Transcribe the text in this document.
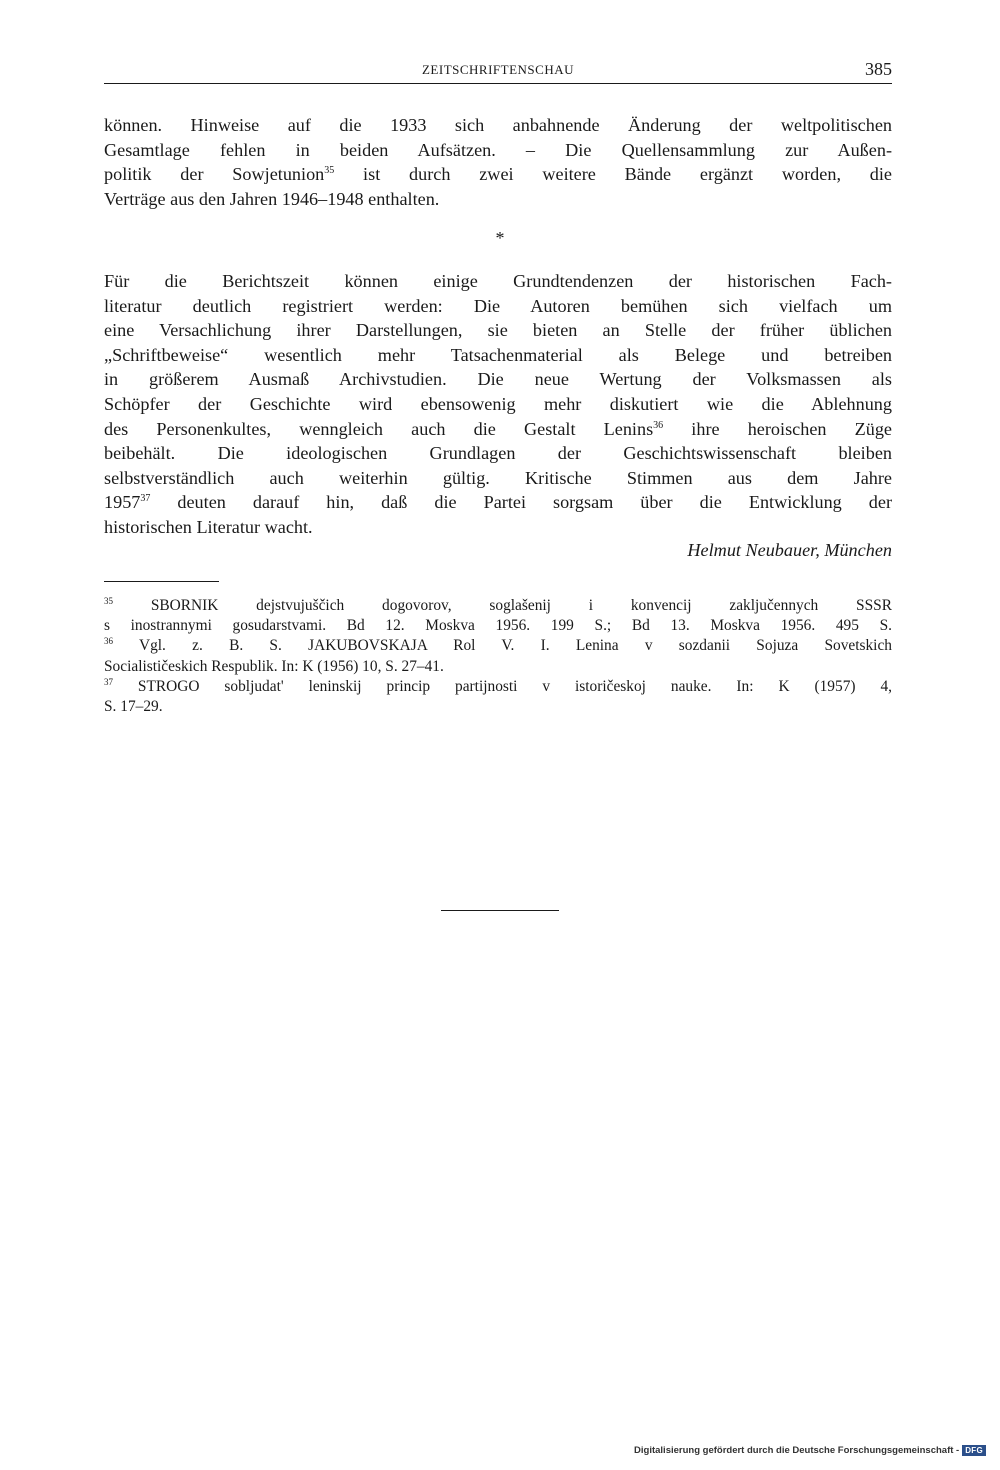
ZEITSCHRIFTENSCHAU	385
können. Hinweise auf die 1933 sich anbahnende Änderung der weltpolitischen
Gesamtlage fehlen in beiden Aufsätzen. – Die Quellensammlung zur Außen-
politik der Sowjetunion$^{35}$ ist durch zwei weitere Bände ergänzt worden, die
Verträge aus den Jahren 1946–1948 enthalten.
*
Für die Berichtszeit können einige Grundtendenzen der historischen Fach-
literatur deutlich registriert werden: Die Autoren bemühen sich vielfach um
eine Versachlichung ihrer Darstellungen, sie bieten an Stelle der früher üblichen
„Schriftbeweise“ wesentlich mehr Tatsachenmaterial als Belege und betreiben
in größerem Ausmaß Archivstudien. Die neue Wertung der Volksmassen als
Schöpfer der Geschichte wird ebensowenig mehr diskutiert wie die Ablehnung
des Personenkultes, wenngleich auch die Gestalt Lenins$^{36}$ ihre heroischen Züge
beibehält. Die ideologischen Grundlagen der Geschichtswissenschaft bleiben
selbstverständlich auch weiterhin gültig. Kritische Stimmen aus dem Jahre
1957$^{37}$ deuten darauf hin, daß die Partei sorgsam über die Entwicklung der
historischen Literatur wacht.
Helmut Neubauer, München
$^{35}$ SBORNIK dejstvujuščich dogovorov, soglašenij i konvencij zaključennych SSSR
s inostrannymi gosudarstvami. Bd 12. Moskva 1956. 199 S.; Bd 13. Moskva 1956. 495 S.
$^{36}$ Vgl. z. B. S. JAKUBOVSKAJA Rol V. I. Lenina v sozdanii Sojuza Sovetskich
Socialističeskich Respublik. In: K (1956) 10, S. 27–41.
$^{37}$ STROGO sobljudat' leninskij princip partijnosti v istoričeskoj nauke. In: K (1957) 4,
S. 17–29.
Digitalisierung gefördert durch die Deutsche Forschungsgemeinschaft - DFG
